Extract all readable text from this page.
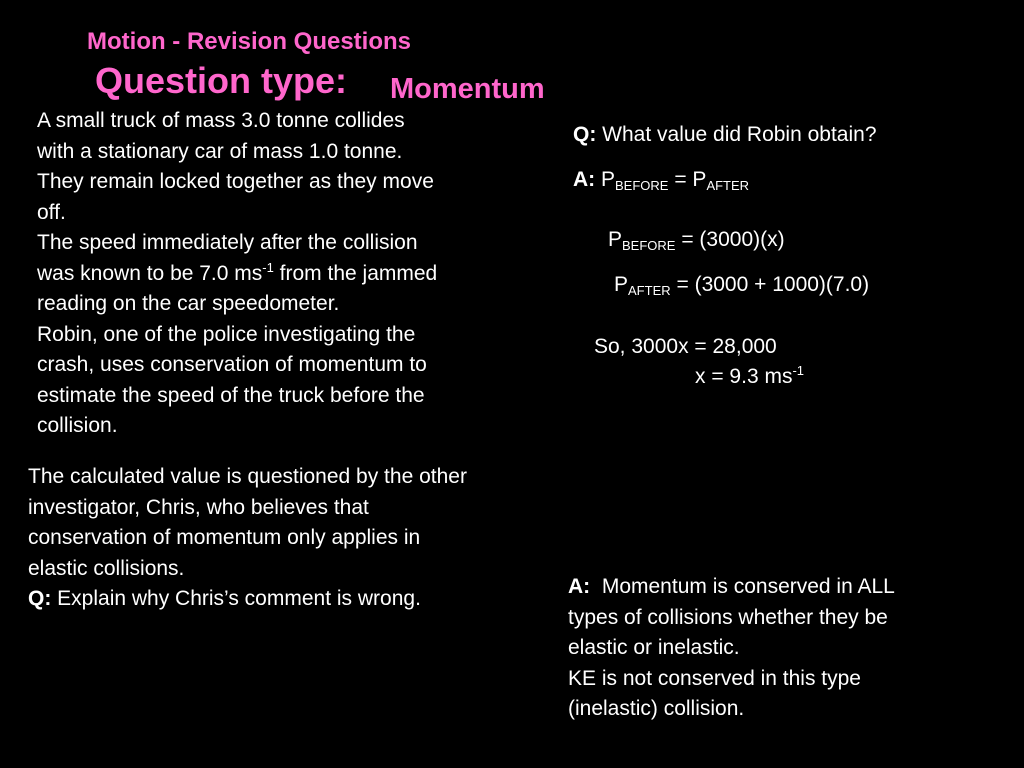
Motion - Revision Questions
Question type: Momentum
A small truck of mass 3.0 tonne collides
with a stationary car of mass 1.0 tonne.
They remain locked together as they move
off.
The speed immediately after the collision
was known to be 7.0 $ms^{-1}$ from the jammed
reading on the car speedometer.
Robin, one of the police investigating the
crash, uses conservation of momentum to
estimate the speed of the truck before the
collision.
Q: What value did Robin obtain?
A: $P_{BEFORE} = P_{AFTER}$
$P_{BEFORE} = (3000)(x)$
$P_{AFTER} = (3000 + 1000)(7.0)$
So, 3000x = 28,000
x = 9.3 $ms^{-1}$
The calculated value is questioned by the other
investigator, Chris, who believes that
conservation of momentum only applies in
elastic collisions.
Q: Explain why Chris’s comment is wrong.
A:  Momentum is conserved in ALL
types of collisions whether they be
elastic or inelastic.
KE is not conserved in this type
(inelastic) collision.
